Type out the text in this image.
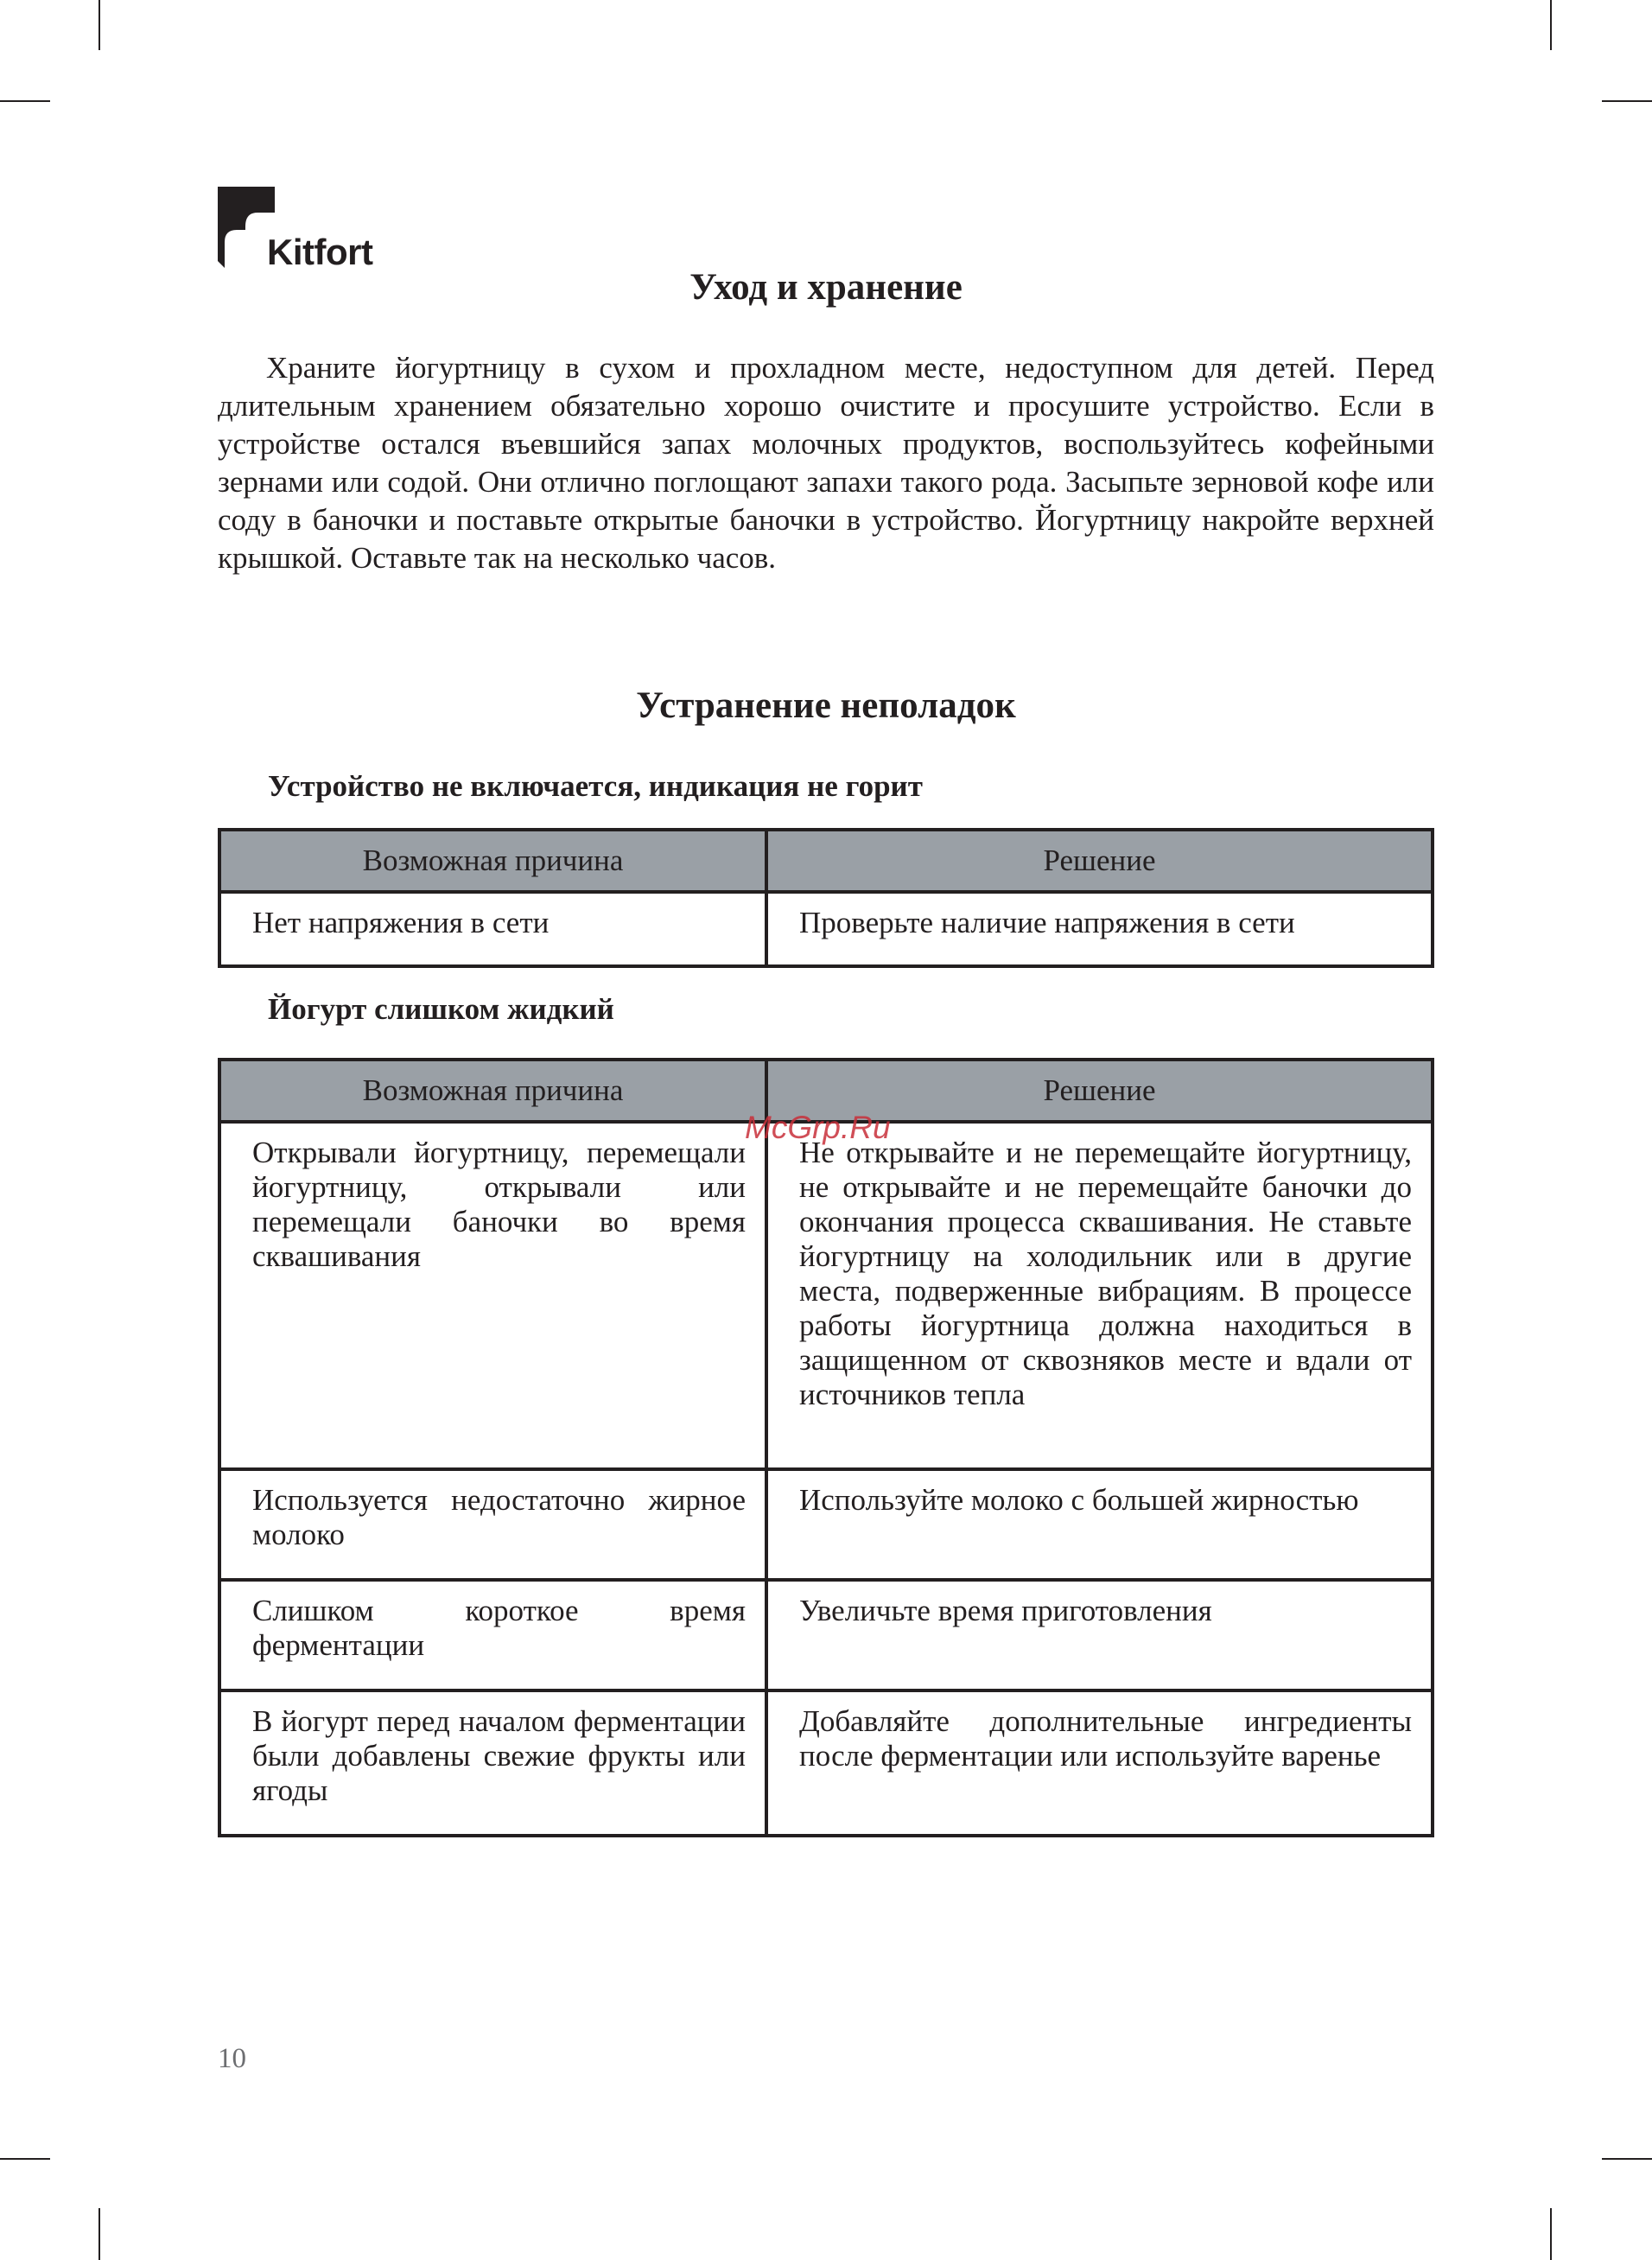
Kitfort
Уход и хранение

Храните йогуртницу в сухом и прохладном месте, недоступном для детей. Перед длительным хранением обязательно хорошо очистите и просушите устройство. Если в устройстве остался въевшийся запах молочных продуктов, воспользуйтесь кофейными зернами или содой. Они отлично поглощают запахи такого рода. Засыпьте зерновой кофе или соду в баночки и поставьте открытые баночки в устройство. Йогуртницу накройте верхней крышкой. Оставьте так на несколько часов.

Устранение неполадок

Устройство не включается, индикация не горит

Возможная причина	Решение
Нет напряжения в сети	Проверьте наличие напряжения в сети

Йогурт слишком жидкий

Возможная причина	Решение
Открывали йогуртницу, перемещали йогуртницу, открывали или перемещали баночки во время сквашивания	Не открывайте и не перемещайте йогуртницу, не открывайте и не перемещайте баночки до окончания процесса сквашивания. Не ставьте йогуртницу на холодильник или в другие места, подверженные вибрациям. В процессе работы йогуртница должна находиться в защищенном от сквозняков месте и вдали от источников тепла
Используется недостаточно жирное молоко	Используйте молоко с большей жирностью
Слишком короткое время ферментации	Увеличьте время приготовления
В йогурт перед началом ферментации были добавлены свежие фрукты или ягоды	Добавляйте дополнительные ингредиенты после ферментации или используйте варенье
McGrp.Ru
10
